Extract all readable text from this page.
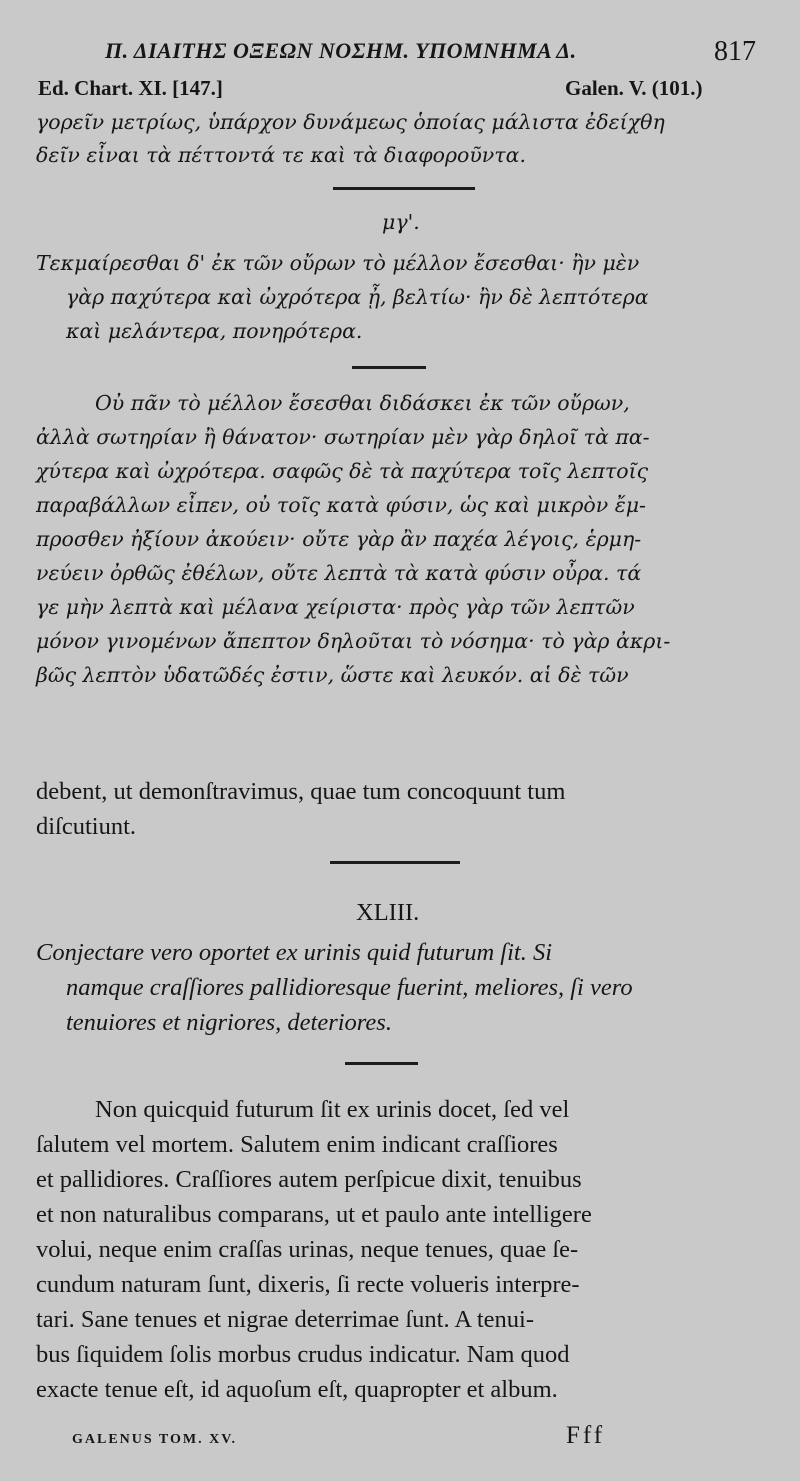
Π. ΔΙΑΙΤΗΣ ΟΞΕΩΝ ΝΟΣΗΜ. ΥΠΟΜΝΗΜΑ Δ.	817
Ed. Chart. XI. [147.]	Galen. V. (101.)
γορεῖν μετρίως, ὑπάρχον δυνάμεως ὁποίας μάλιστα ἐδείχθη
δεῖν εἶναι τὰ πέττοντά τε καὶ τὰ διαφοροῦντα.
μγ'.
Τεκμαίρεσθαι δ' ἐκ τῶν οὔρων τὸ μέλλον ἔσεσθαι· ἢν μὲν
γὰρ παχύτερα καὶ ὠχρότερα ᾖ, βελτίω· ἢν δὲ λεπτότερα
καὶ μελάντερα, πονηρότερα.
Οὐ πᾶν τὸ μέλλον ἔσεσθαι διδάσκει ἐκ τῶν οὔρων,
ἀλλὰ σωτηρίαν ἢ θάνατον· σωτηρίαν μὲν γὰρ δηλοῖ τὰ πα-
χύτερα καὶ ὠχρότερα. σαφῶς δὲ τὰ παχύτερα τοῖς λεπτοῖς
παραβάλλων εἶπεν, οὐ τοῖς κατὰ φύσιν, ὡς καὶ μικρὸν ἔμ-
προσθεν ἠξίουν ἀκούειν· οὔτε γὰρ ἂν παχέα λέγοις, ἑρμη-
νεύειν ὀρθῶς ἐθέλων, οὔτε λεπτὰ τὰ κατὰ φύσιν οὖρα. τά
γε μὴν λεπτὰ καὶ μέλανα χείριστα· πρὸς γὰρ τῶν λεπτῶν
μόνον γινομένων ἄπεπτον δηλοῦται τὸ νόσημα· τὸ γὰρ ἀκρι-
βῶς λεπτὸν ὑδατῶδές ἐστιν, ὥστε καὶ λευκόν. αἱ δὲ τῶν
debent, ut demonſtravimus, quae tum concoquunt tum
diſcutiunt.
XLIII.
Conjectare vero oportet ex urinis quid futurum ſit. Si
namque craſſiores pallidioresque fuerint, meliores, ſi vero
tenuiores et nigriores, deteriores.
Non quicquid futurum ſit ex urinis docet, ſed vel
ſalutem vel mortem. Salutem enim indicant craſſiores
et pallidiores. Craſſiores autem perſpicue dixit, tenuibus
et non naturalibus comparans, ut et paulo ante intelligere
volui, neque enim craſſas urinas, neque tenues, quae ſe-
cundum naturam ſunt, dixeris, ſi recte volueris interpre-
tari. Sane tenues et nigrae deterrimae ſunt. A tenui-
bus ſiquidem ſolis morbus crudus indicatur. Nam quod
exacte tenue eſt, id aquoſum eſt, quapropter et album.
GALENUS TOM. XV.	Fff
